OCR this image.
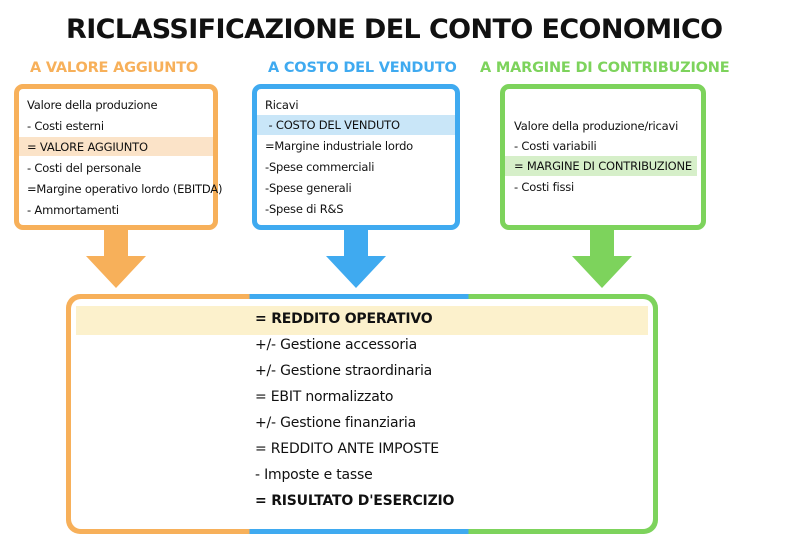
RICLASSIFICAZIONE DEL CONTO ECONOMICO
A VALORE AGGIUNTO
Valore della produzione
- Costi esterni
= VALORE AGGIUNTO
- Costi del personale
=Margine operativo lordo (EBITDA)
- Ammortamenti
A COSTO DEL VENDUTO
Ricavi
- COSTO DEL VENDUTO
=Margine industriale lordo
-Spese commerciali
-Spese generali
-Spese di R&S
A MARGINE DI CONTRIBUZIONE
Valore della produzione/ricavi
- Costi variabili
= MARGINE DI CONTRIBUZIONE
- Costi fissi
= REDDITO OPERATIVO
+/- Gestione accessoria
+/- Gestione straordinaria
= EBIT normalizzato
+/- Gestione finanziaria
= REDDITO ANTE IMPOSTE
- Imposte e tasse
= RISULTATO D'ESERCIZIO
